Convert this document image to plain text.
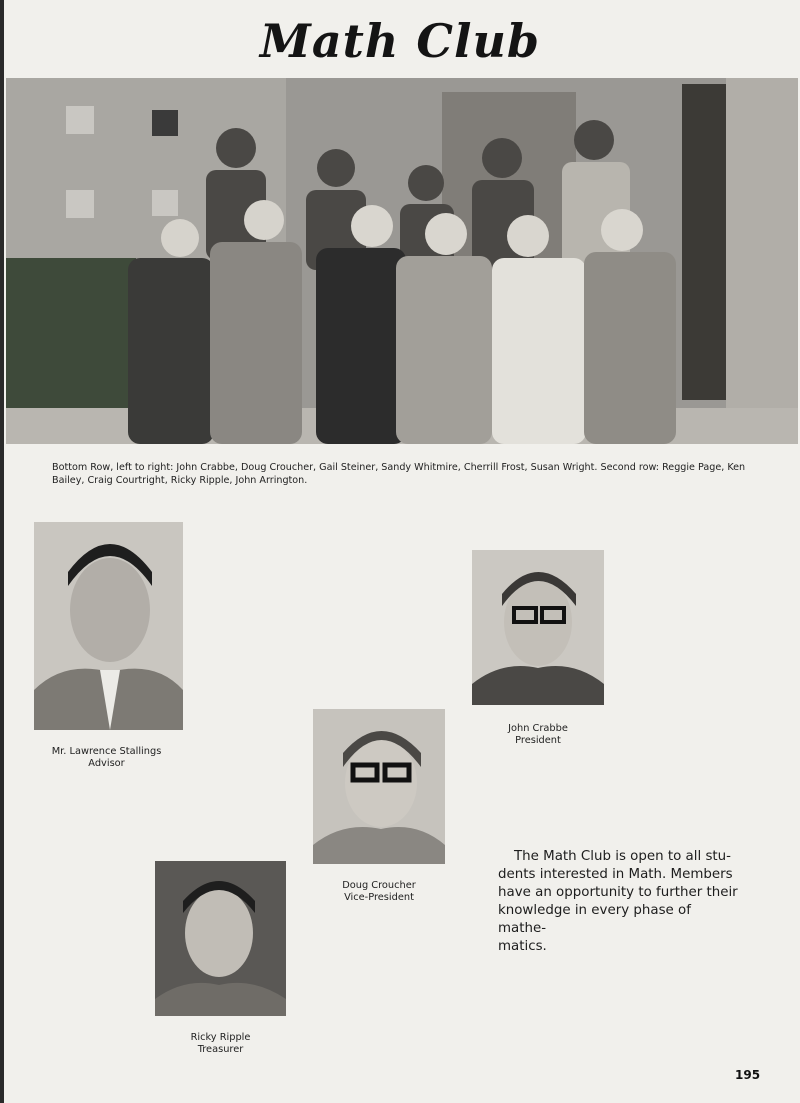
Math Club
Bottom Row, left to right: John Crabbe, Doug Croucher, Gail Steiner, Sandy Whitmire, Cherrill Frost, Susan Wright. Second row: Reggie Page, Ken Bailey, Craig Courtright, Ricky Ripple, John Arrington.
Mr. Lawrence Stallings
Advisor
John Crabbe
President
Doug Croucher
Vice-President
Ricky Ripple
Treasurer
The Math Club is open to all stu-
dents interested in Math. Members
have an opportunity to further their
knowledge in every phase of mathe-
matics.
195
